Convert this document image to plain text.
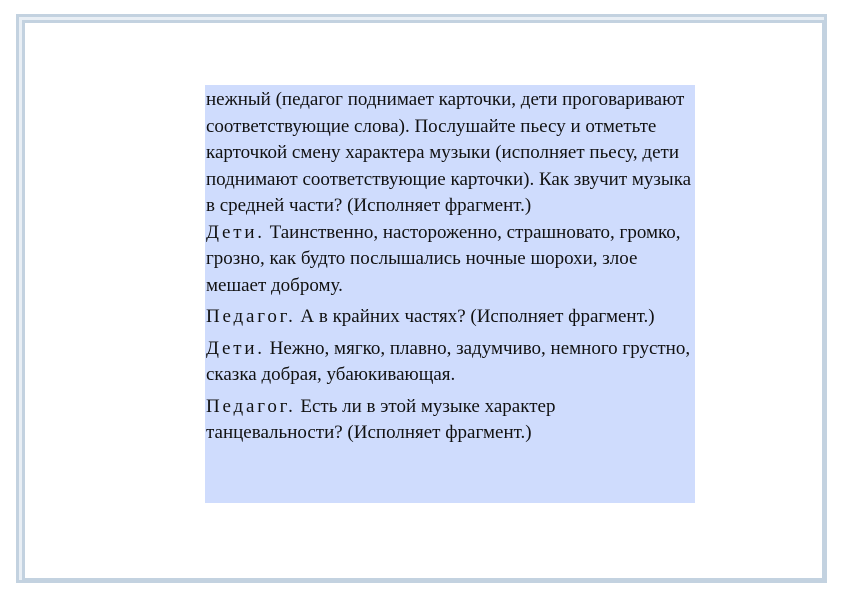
нежный (педагог поднимает карточки, дети проговаривают соответствующие слова). Послушайте пьесу и отметьте карточкой смену характера музыки (исполняет пьесу, дети поднимают соответствующие карточки). Как звучит музыка в средней части? (Исполняет фрагмент.)

Дети. Таинственно, настороженно, страшновато, громко, грозно, как будто послышались ночные шорохи, злое мешает доброму.

Педагог. А в крайних частях? (Исполняет фрагмент.)

Дети. Нежно, мягко, плавно, задумчиво, немного грустно, сказка добрая, убаюкивающая.

Педагог. Есть ли в этой музыке характер танцевальности? (Исполняет фрагмент.)
